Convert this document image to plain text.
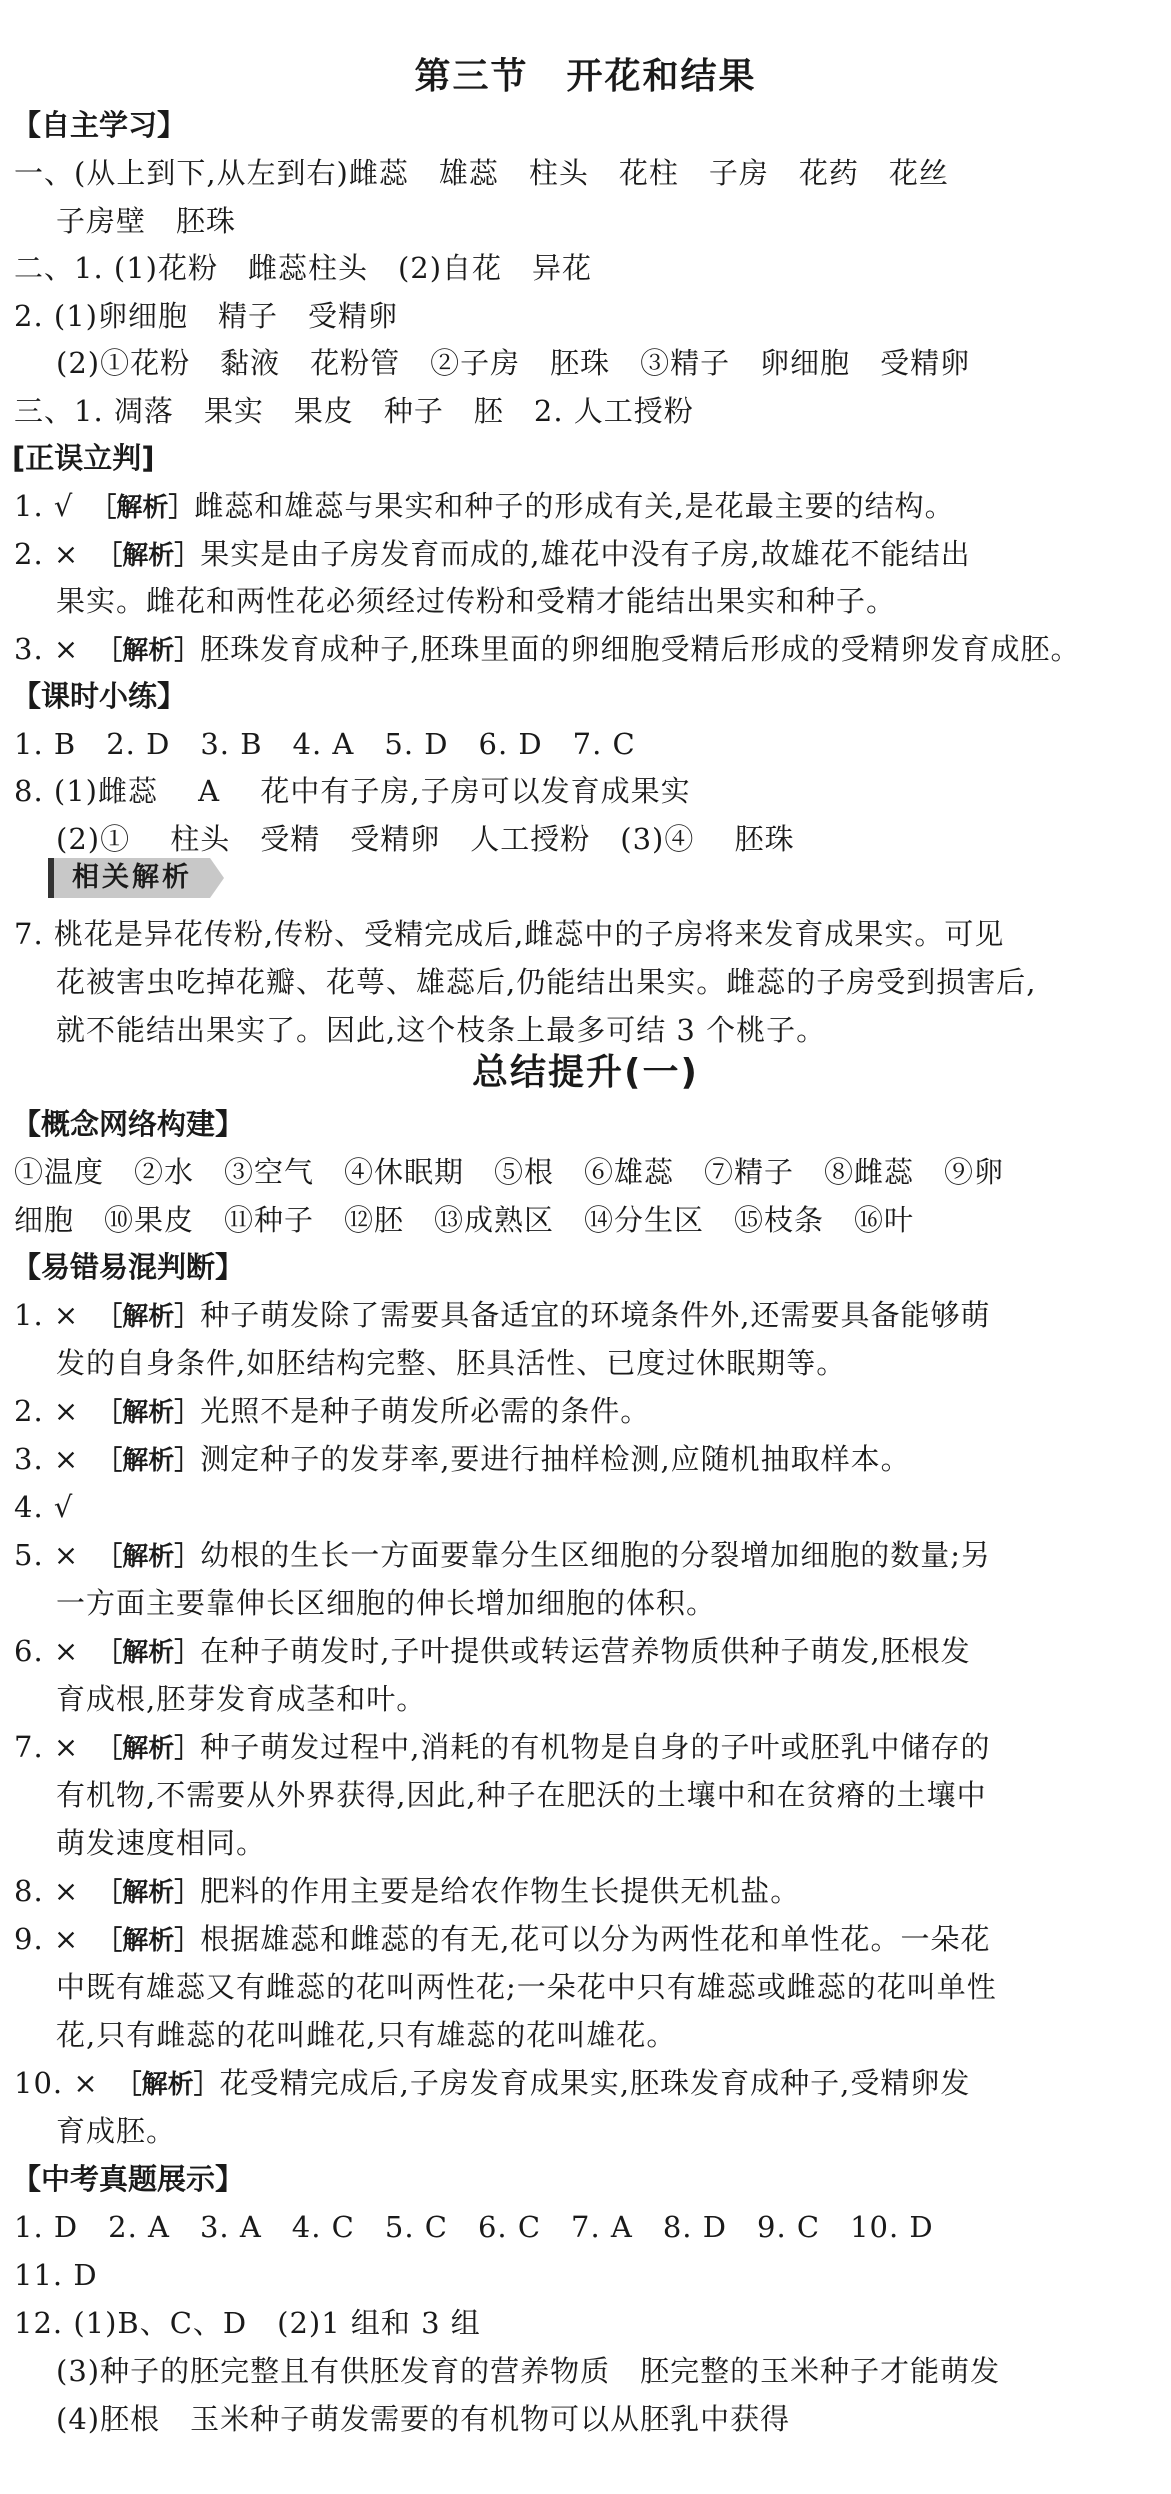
第三节　开花和结果
【自主学习】
一、(从上到下,从左到右)雌蕊　雄蕊　柱头　花柱　子房　花药　花丝
子房壁　胚珠
二、1. (1)花粉　雌蕊柱头　(2)自花　异花
2. (1)卵细胞　精子　受精卵
(2)①花粉　黏液　花粉管　②子房　胚珠　③精子　卵细胞　受精卵
三、1. 凋落　果实　果皮　种子　胚　2. 人工授粉
[正误立判]
1. √　 ［解析］雌蕊和雄蕊与果实和种子的形成有关,是花最主要的结构。
2. ×　 ［解析］果实是由子房发育而成的,雄花中没有子房,故雄花不能结出
果实。雌花和两性花必须经过传粉和受精才能结出果实和种子。
3. ×　 ［解析］胚珠发育成种子,胚珠里面的卵细胞受精后形成的受精卵发育成胚。
【课时小练】
1. B　2. D　3. B　4. A　5. D　6. D　7. C
8. (1)雌蕊　 A　 花中有子房,子房可以发育成果实
(2)①　 柱头　受精　受精卵　人工授粉　(3)④　 胚珠
相关解析
7. 桃花是异花传粉,传粉、受精完成后,雌蕊中的子房将来发育成果实。可见
花被害虫吃掉花瓣、花萼、雄蕊后,仍能结出果实。雌蕊的子房受到损害后,
就不能结出果实了。因此,这个枝条上最多可结 3 个桃子。
总结提升(一)
【概念网络构建】
①温度　②水　③空气　④休眠期　⑤根　⑥雄蕊　⑦精子　⑧雌蕊　⑨卵
细胞　⑩果皮　⑪种子　⑫胚　⑬成熟区　⑭分生区　⑮枝条　⑯叶
【易错易混判断】
1. ×　 ［解析］种子萌发除了需要具备适宜的环境条件外,还需要具备能够萌
发的自身条件,如胚结构完整、胚具活性、已度过休眠期等。
2. ×　 ［解析］光照不是种子萌发所必需的条件。
3. ×　 ［解析］测定种子的发芽率,要进行抽样检测,应随机抽取样本。
4. √
5. ×　 ［解析］幼根的生长一方面要靠分生区细胞的分裂增加细胞的数量;另
一方面主要靠伸长区细胞的伸长增加细胞的体积。
6. ×　 ［解析］在种子萌发时,子叶提供或转运营养物质供种子萌发,胚根发
育成根,胚芽发育成茎和叶。
7. ×　 ［解析］种子萌发过程中,消耗的有机物是自身的子叶或胚乳中储存的
有机物,不需要从外界获得,因此,种子在肥沃的土壤中和在贫瘠的土壤中
萌发速度相同。
8. ×　 ［解析］肥料的作用主要是给农作物生长提供无机盐。
9. ×　 ［解析］根据雄蕊和雌蕊的有无,花可以分为两性花和单性花。一朵花
中既有雄蕊又有雌蕊的花叫两性花;一朵花中只有雄蕊或雌蕊的花叫单性
花,只有雌蕊的花叫雌花,只有雄蕊的花叫雄花。
10. ×　 ［解析］花受精完成后,子房发育成果实,胚珠发育成种子,受精卵发
育成胚。
【中考真题展示】
1. D　2. A　3. A　4. C　5. C　6. C　7. A　8. D　9. C　10. D
11. D
12. (1)B、C、D　(2)1 组和 3 组
(3)种子的胚完整且有供胚发育的营养物质　胚完整的玉米种子才能萌发
(4)胚根　玉米种子萌发需要的有机物可以从胚乳中获得
